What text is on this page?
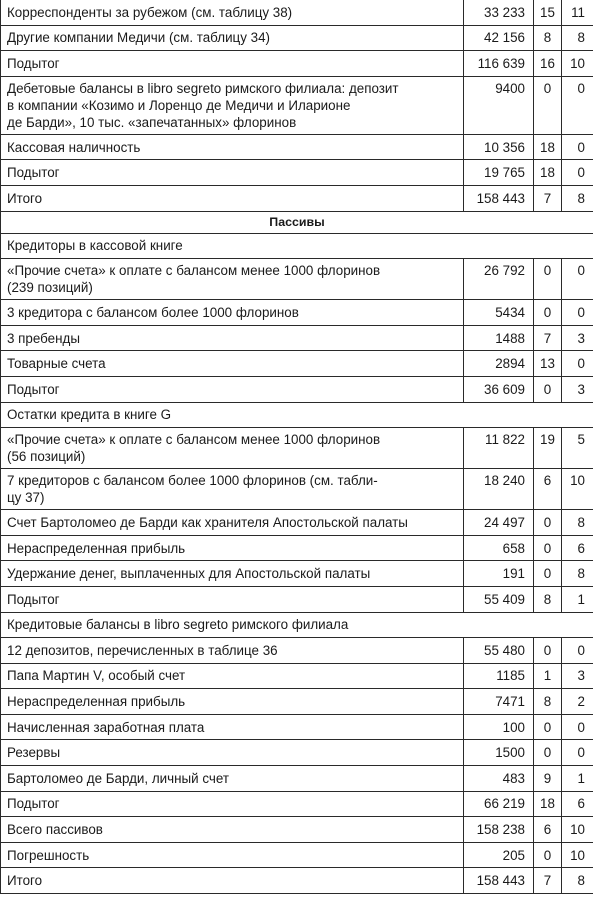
Корреспонденты за рубежом (см. таблицу 38)	33 233	15	11
Другие компании Медичи (см. таблицу 34)	42 156	8	8
Подытог	116 639	16	10
Дебетовые балансы в libro segreto римского филиала: депозит
в компании «Козимо и Лоренцо де Медичи и Иларионе
де Барди», 10 тыс. «запечатанных» флоринов	9400	0	0
Кассовая наличность	10 356	18	0
Подытог	19 765	18	0
Итого	158 443	7	8
Пассивы			
Кредиторы в кассовой книге			
«Прочие счета» к оплате с балансом менее 1000 флоринов
(239 позиций)	26 792	0	0
3 кредитора с балансом более 1000 флоринов	5434	0	0
3 пребенды	1488	7	3
Товарные счета	2894	13	0
Подытог	36 609	0	3
Остатки кредита в книге G			
«Прочие счета» к оплате с балансом менее 1000 флоринов
(56 позиций)	11 822	19	5
7 кредиторов с балансом более 1000 флоринов (см. табли-
цу 37)	18 240	6	10
Счет Бартоломео де Барди как хранителя Апостольской палаты	24 497	0	8
Нераспределенная прибыль	658	0	6
Удержание денег, выплаченных для Апостольской палаты	191	0	8
Подытог	55 409	8	1
Кредитовые балансы в libro segreto римского филиала			
12 депозитов, перечисленных в таблице 36	55 480	0	0
Папа Мартин V, особый счет	1185	1	3
Нераспределенная прибыль	7471	8	2
Начисленная заработная плата	100	0	0
Резервы	1500	0	0
Бартоломео де Барди, личный счет	483	9	1
Подытог	66 219	18	6
Всего пассивов	158 238	6	10
Погрешность	205	0	10
Итого	158 443	7	8
